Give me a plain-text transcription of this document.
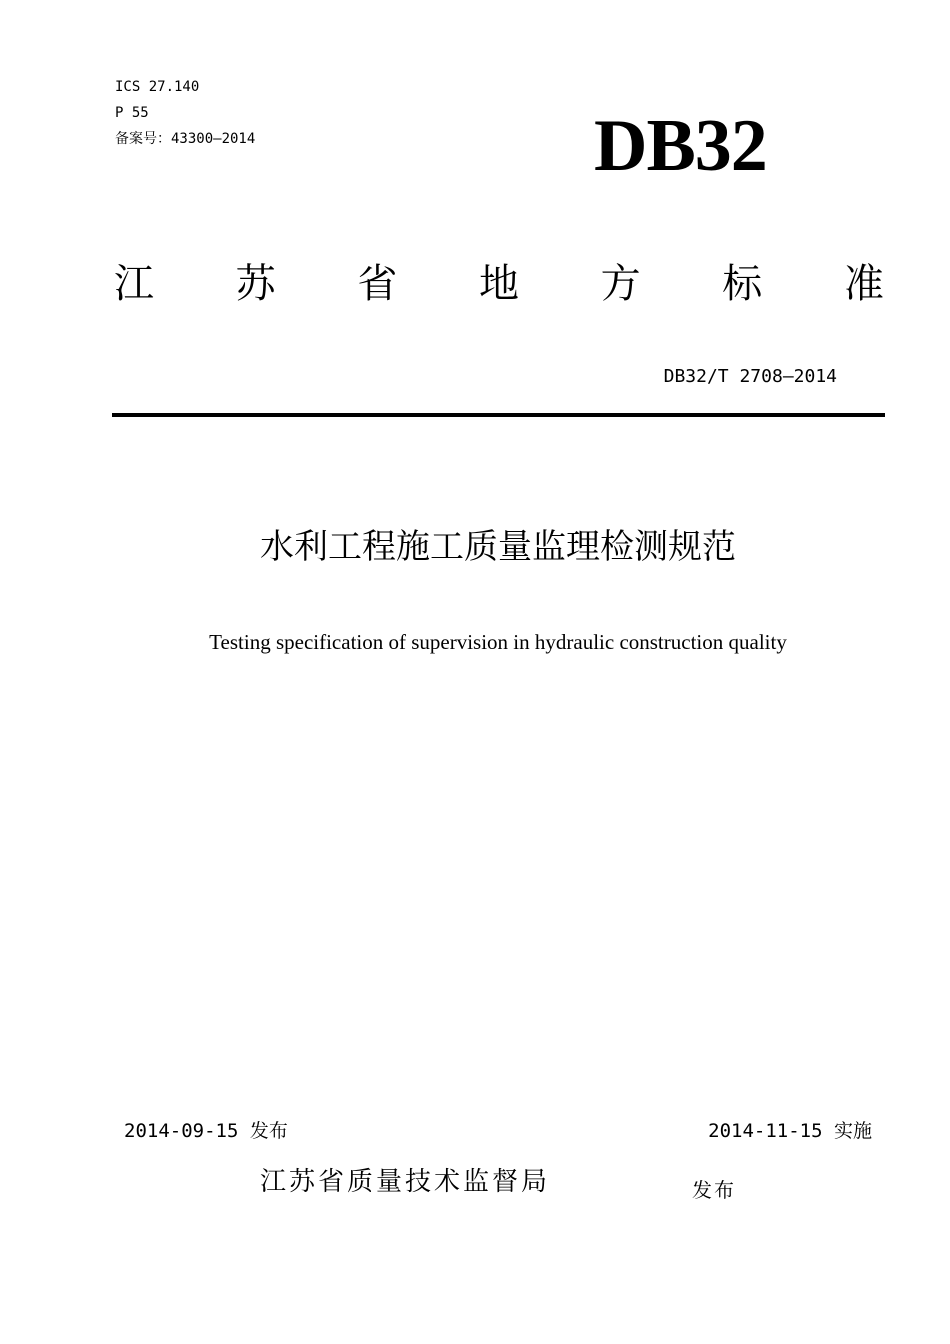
ICS 27.140
P 55
备案号：43300—2014	DB32
江 苏 省 地 方 标 准
DB32/T 2708—2014
水利工程施工质量监理检测规范
Testing specification of supervision in hydraulic construction quality
2014-09-15 发布	2014-11-15 实施
江苏省质量技术监督局	发布
